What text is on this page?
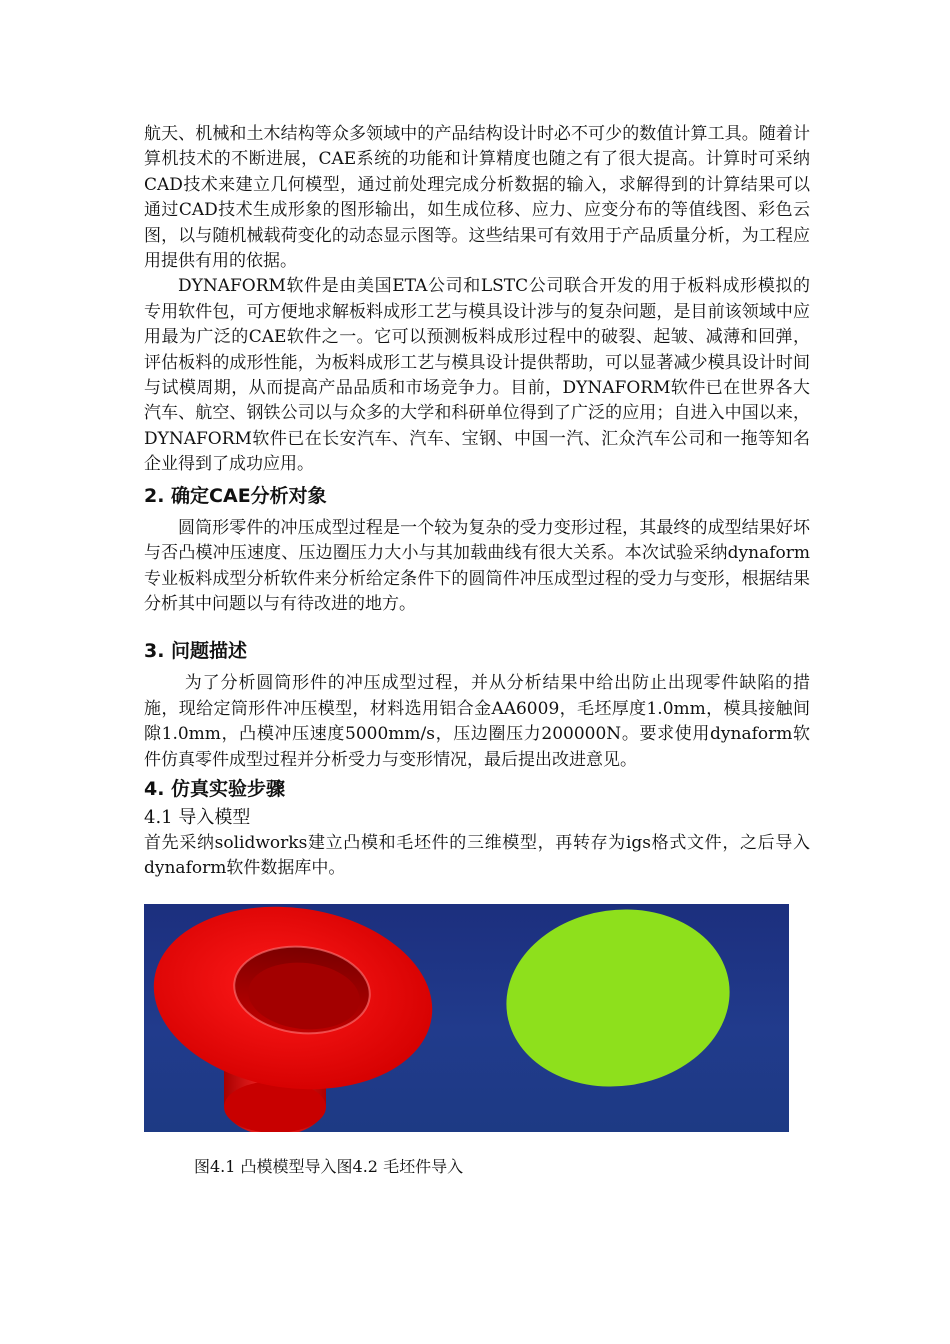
航天、机械和土木结构等众多领域中的产品结构设计时必不可少的数值计算工具。随着计算机技术的不断进展，CAE系统的功能和计算精度也随之有了很大提高。计算时可采纳CAD技术来建立几何模型，通过前处理完成分析数据的输入，求解得到的计算结果可以通过CAD技术生成形象的图形输出，如生成位移、应力、应变分布的等值线图、彩色云图，以与随机械载荷变化的动态显示图等。这些结果可有效用于产品质量分析，为工程应用提供有用的依据。

DYNAFORM软件是由美国ETA公司和LSTC公司联合开发的用于板料成形模拟的专用软件包，可方便地求解板料成形工艺与模具设计涉与的复杂问题，是目前该领域中应用最为广泛的CAE软件之一。它可以预测板料成形过程中的破裂、起皱、减薄和回弹，评估板料的成形性能，为板料成形工艺与模具设计提供帮助，可以显著减少模具设计时间与试模周期，从而提高产品品质和市场竞争力。目前，DYNAFORM软件已在世界各大汽车、航空、钢铁公司以与众多的大学和科研单位得到了广泛的应用；自进入中国以来，DYNAFORM软件已在长安汽车、汽车、宝钢、中国一汽、汇众汽车公司和一拖等知名企业得到了成功应用。

2. 确定CAE分析对象

圆筒形零件的冲压成型过程是一个较为复杂的受力变形过程，其最终的成型结果好坏与否凸模冲压速度、压边圈压力大小与其加载曲线有很大关系。本次试验采纳dynaform专业板料成型分析软件来分析给定条件下的圆筒件冲压成型过程的受力与变形，根据结果分析其中问题以与有待改进的地方。

3. 问题描述

为了分析圆筒形件的冲压成型过程，并从分析结果中给出防止出现零件缺陷的措施，现给定筒形件冲压模型，材料选用铝合金AA6009，毛坯厚度1.0mm，模具接触间隙1.0mm，凸模冲压速度5000mm/s，压边圈压力200000N。要求使用dynaform软件仿真零件成型过程并分析受力与变形情况，最后提出改进意见。

4. 仿真实验步骤
4.1 导入模型

首先采纳solidworks建立凸模和毛坯件的三维模型，再转存为igs格式文件，之后导入dynaform软件数据库中。

图4.1 凸模模型导入图4.2 毛坯件导入
